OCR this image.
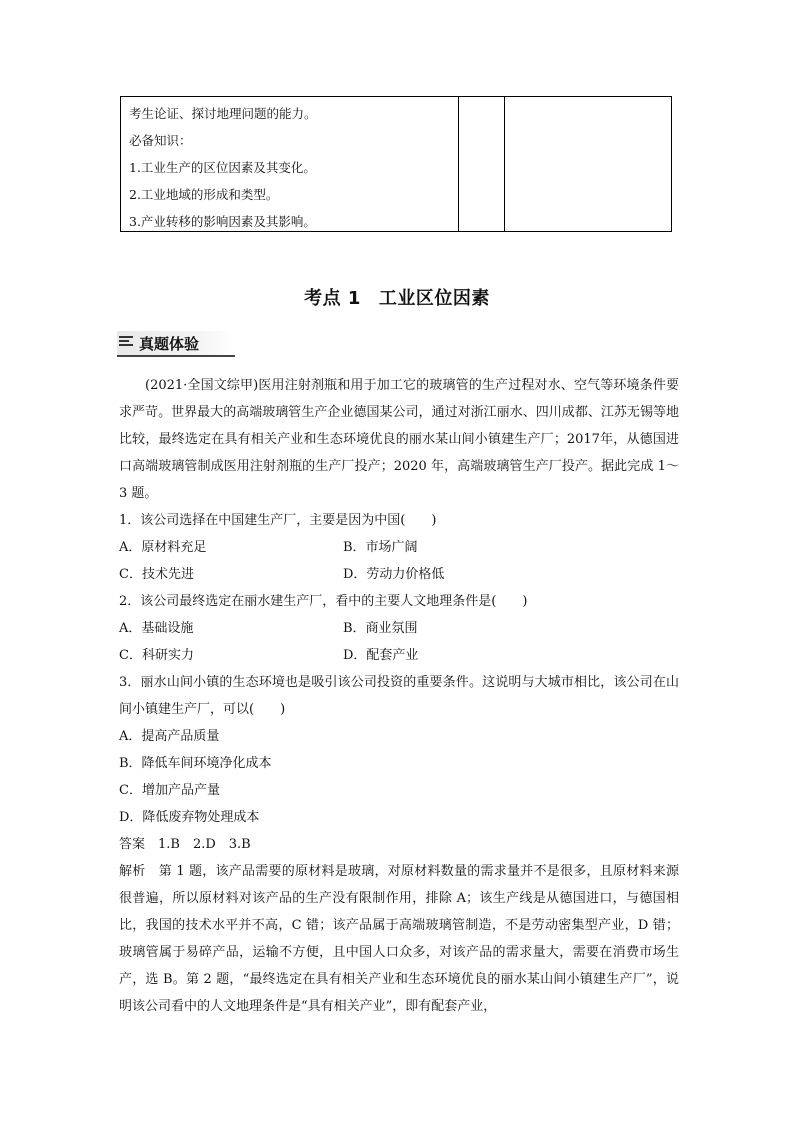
考生论证、探讨地理问题的能力。
必备知识：
1.工业生产的区位因素及其变化。
2.工业地域的形成和类型。
3.产业转移的影响因素及其影响。
考点 1 工业区位因素
真题体验

(2021·全国文综甲)医用注射剂瓶和用于加工它的玻璃管的生产过程对水、空气等环境条件要求严苛。世界最大的高端玻璃管生产企业德国某公司，通过对浙江丽水、四川成都、江苏无锡等地比较，最终选定在具有相关产业和生态环境优良的丽水某山间小镇建生产厂；2017年，从德国进口高端玻璃管制成医用注射剂瓶的生产厂投产；2020 年，高端玻璃管生产厂投产。据此完成 1～3 题。

1．该公司选择在中国建生产厂，主要是因为中国(　　)

A．原材料充足	B．市场广阔
C．技术先进	D．劳动力价格低

2．该公司最终选定在丽水建生产厂，看中的主要人文地理条件是(　　)

A．基础设施	B．商业氛围
C．科研实力	D．配套产业

3．丽水山间小镇的生态环境也是吸引该公司投资的重要条件。这说明与大城市相比，该公司在山间小镇建生产厂，可以(　　)

A．提高产品质量

B．降低车间环境净化成本

C．增加产品产量

D．降低废弃物处理成本

答案　1.B　2.D　3.B

解析　第 1 题，该产品需要的原材料是玻璃，对原材料数量的需求量并不是很多，且原材料来源很普遍，所以原材料对该产品的生产没有限制作用，排除 A；该生产线是从德国进口，与德国相比，我国的技术水平并不高，C 错；该产品属于高端玻璃管制造，不是劳动密集型产业，D 错；玻璃管属于易碎产品，运输不方便，且中国人口众多，对该产品的需求量大，需要在消费市场生产，选 B。第 2 题，“最终选定在具有相关产业和生态环境优良的丽水某山间小镇建生产厂”，说明该公司看中的人文地理条件是“具有相关产业”，即有配套产业，
